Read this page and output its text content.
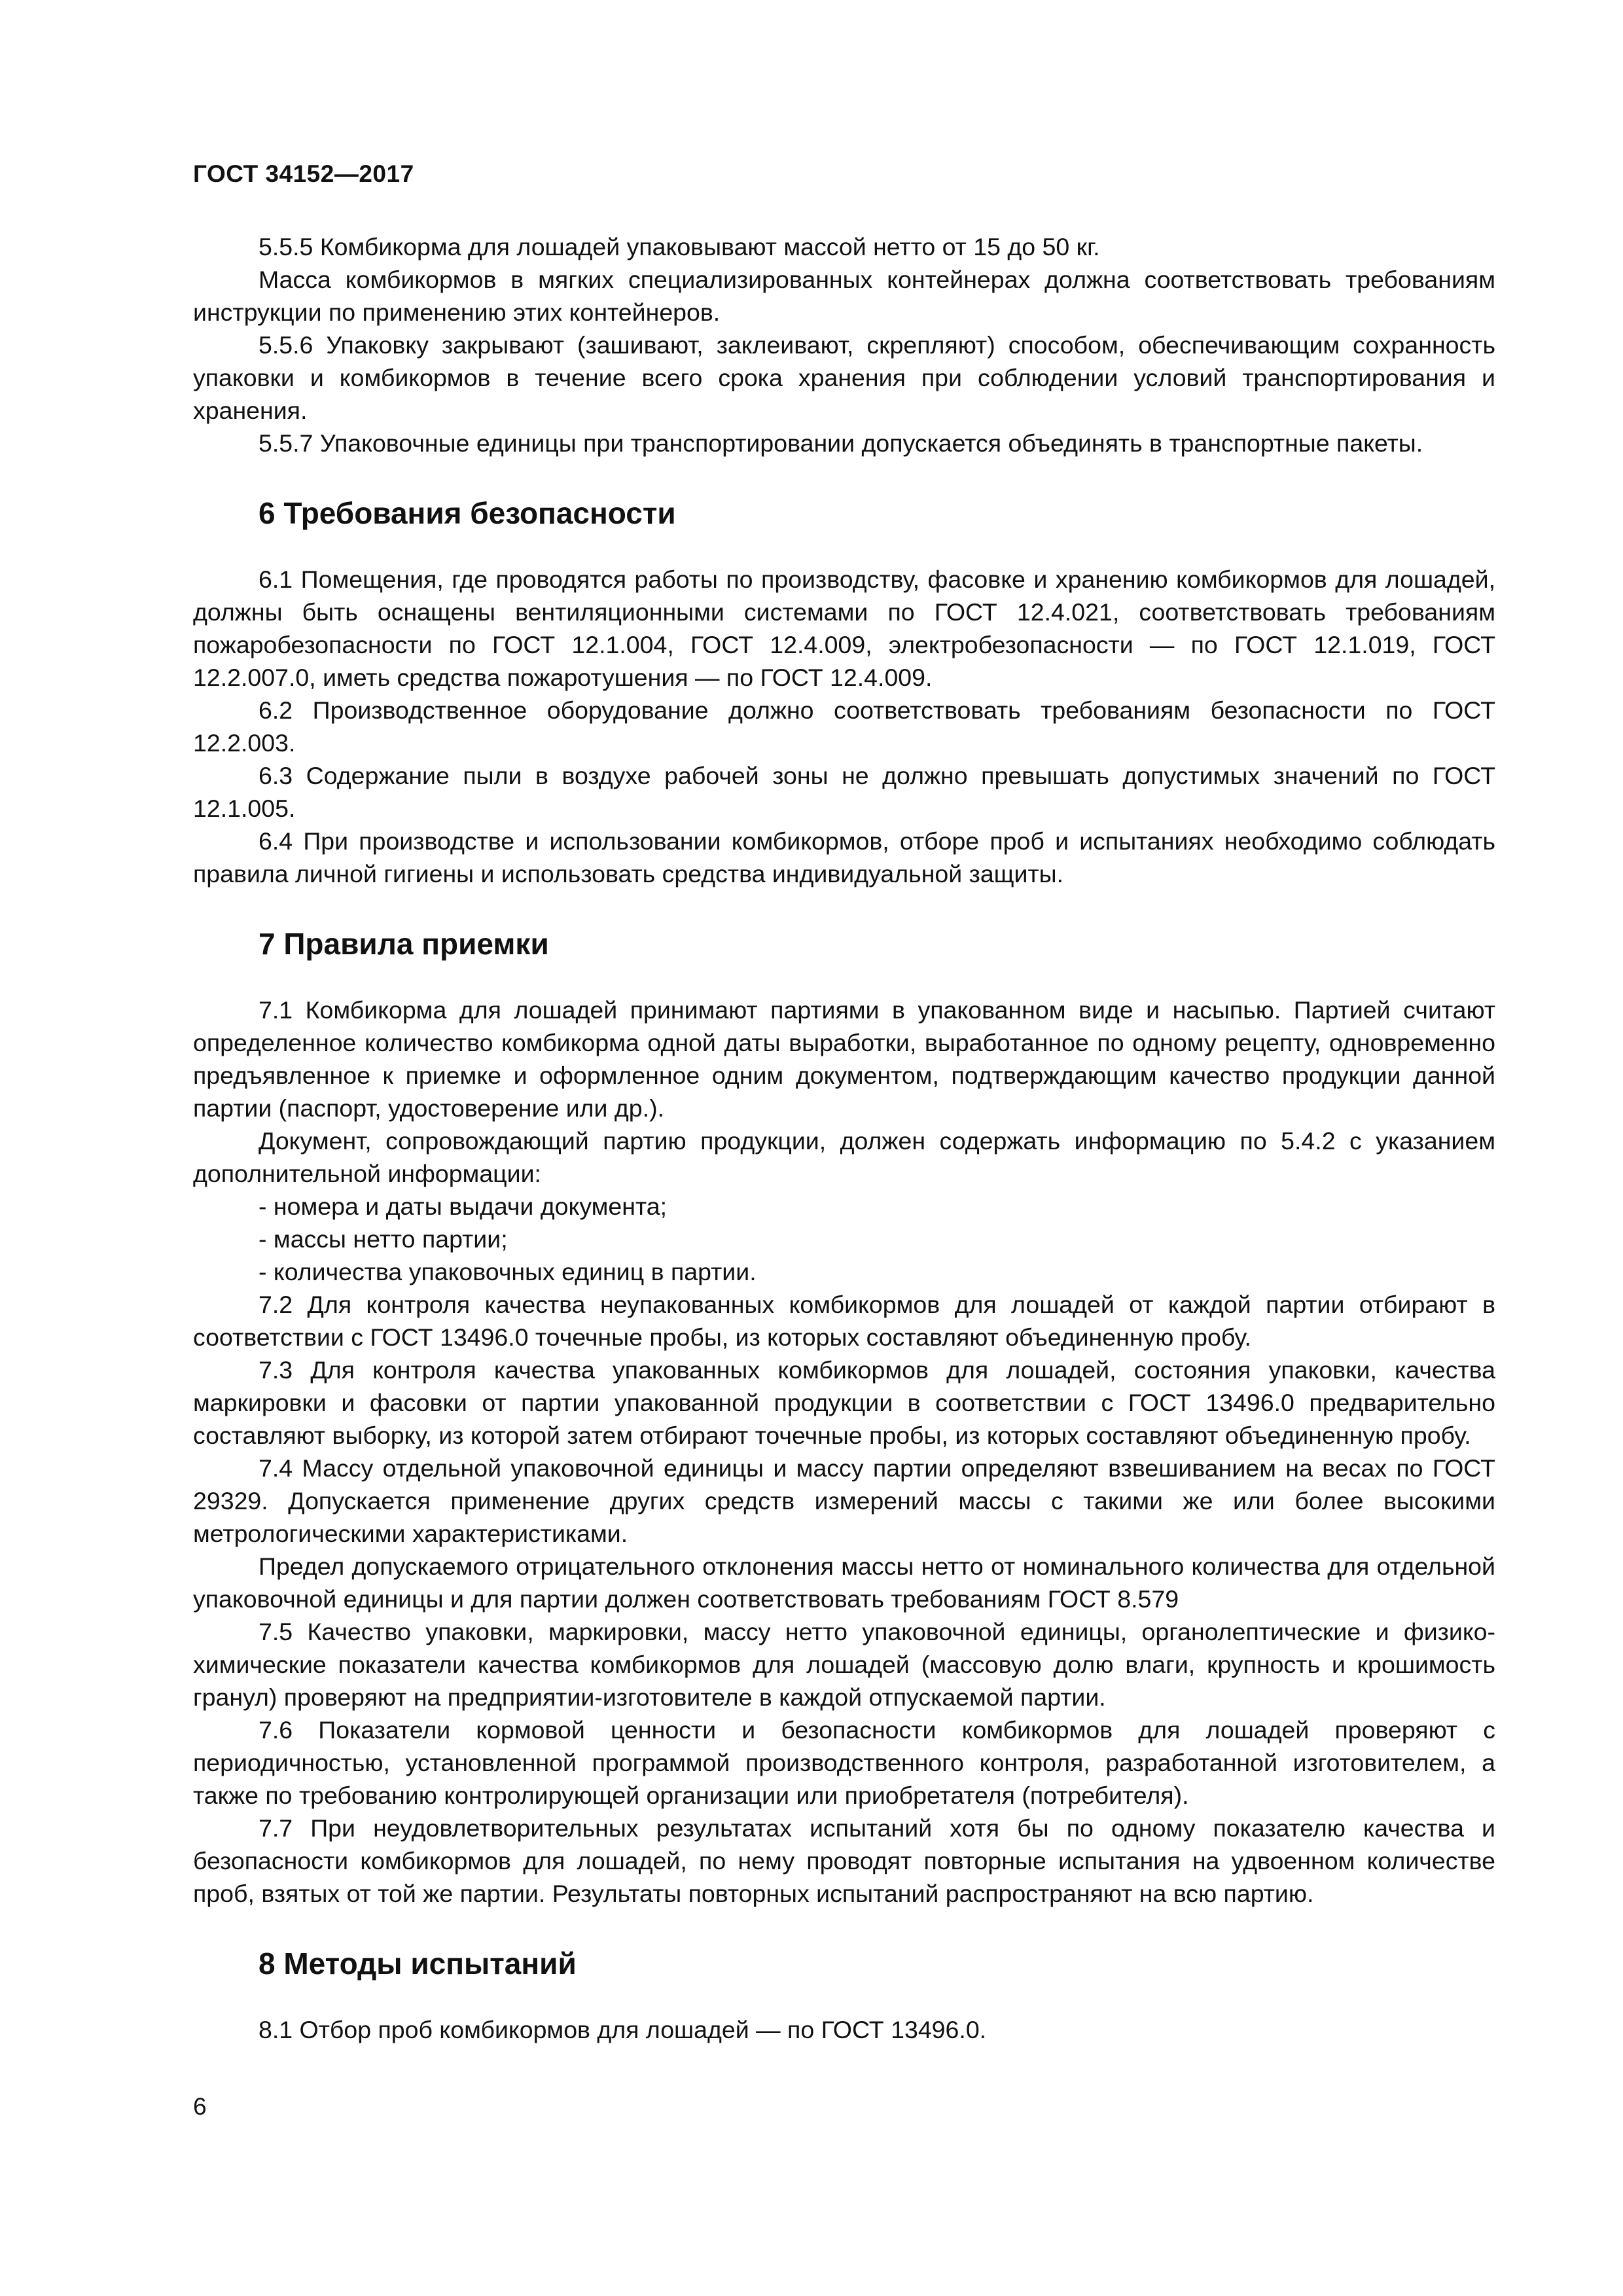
ГОСТ 34152—2017

5.5.5 Комбикорма для лошадей упаковывают массой нетто от 15 до 50 кг.

Масса комбикормов в мягких специализированных контейнерах должна соответствовать требованиям инструкции по применению этих контейнеров.

5.5.6 Упаковку закрывают (зашивают, заклеивают, скрепляют) способом, обеспечивающим сохранность упаковки и комбикормов в течение всего срока хранения при соблюдении условий транспортирования и хранения.

5.5.7 Упаковочные единицы при транспортировании допускается объединять в транспортные пакеты.

6 Требования безопасности

6.1 Помещения, где проводятся работы по производству, фасовке и хранению комбикормов для лошадей, должны быть оснащены вентиляционными системами по ГОСТ 12.4.021, соответствовать требованиям пожаробезопасности по ГОСТ 12.1.004, ГОСТ 12.4.009, электробезопасности — по ГОСТ 12.1.019, ГОСТ 12.2.007.0, иметь средства пожаротушения — по ГОСТ 12.4.009.

6.2 Производственное оборудование должно соответствовать требованиям безопасности по ГОСТ 12.2.003.

6.3 Содержание пыли в воздухе рабочей зоны не должно превышать допустимых значений по ГОСТ 12.1.005.

6.4 При производстве и использовании комбикормов, отборе проб и испытаниях необходимо соблюдать правила личной гигиены и использовать средства индивидуальной защиты.

7 Правила приемки

7.1 Комбикорма для лошадей принимают партиями в упакованном виде и насыпью. Партией считают определенное количество комбикорма одной даты выработки, выработанное по одному рецепту, одновременно предъявленное к приемке и оформленное одним документом, подтверждающим качество продукции данной партии (паспорт, удостоверение или др.).

Документ, сопровождающий партию продукции, должен содержать информацию по 5.4.2 с указанием дополнительной информации:

- номера и даты выдачи документа;

- массы нетто партии;

- количества упаковочных единиц в партии.

7.2 Для контроля качества неупакованных комбикормов для лошадей от каждой партии отбирают в соответствии с ГОСТ 13496.0 точечные пробы, из которых составляют объединенную пробу.

7.3 Для контроля качества упакованных комбикормов для лошадей, состояния упаковки, качества маркировки и фасовки от партии упакованной продукции в соответствии с ГОСТ 13496.0 предварительно составляют выборку, из которой затем отбирают точечные пробы, из которых составляют объединенную пробу.

7.4 Массу отдельной упаковочной единицы и массу партии определяют взвешиванием на весах по ГОСТ 29329. Допускается применение других средств измерений массы с такими же или более высокими метрологическими характеристиками.

Предел допускаемого отрицательного отклонения массы нетто от номинального количества для отдельной упаковочной единицы и для партии должен соответствовать требованиям ГОСТ 8.579

7.5 Качество упаковки, маркировки, массу нетто упаковочной единицы, органолептические и физико-химические показатели качества комбикормов для лошадей (массовую долю влаги, крупность и крошимость гранул) проверяют на предприятии-изготовителе в каждой отпускаемой партии.

7.6 Показатели кормовой ценности и безопасности комбикормов для лошадей проверяют с периодичностью, установленной программой производственного контроля, разработанной изготовителем, а также по требованию контролирующей организации или приобретателя (потребителя).

7.7 При неудовлетворительных результатах испытаний хотя бы по одному показателю качества и безопасности комбикормов для лошадей, по нему проводят повторные испытания на удвоенном количестве проб, взятых от той же партии. Результаты повторных испытаний распространяют на всю партию.

8 Методы испытаний

8.1 Отбор проб комбикормов для лошадей — по ГОСТ 13496.0.

6
